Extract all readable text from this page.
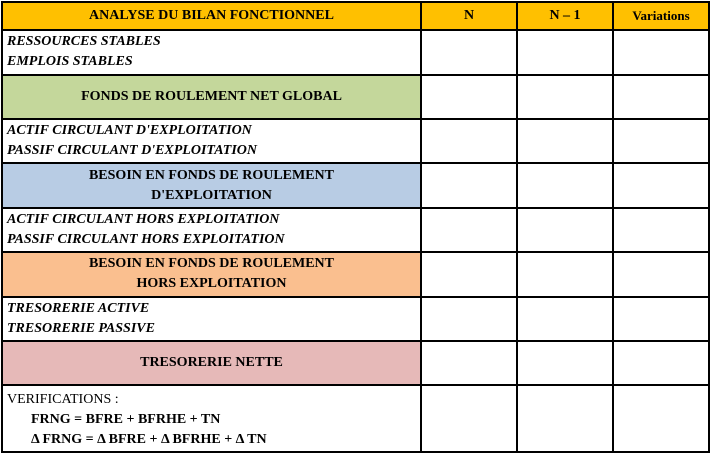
ANALYSE DU BILAN FONCTIONNEL	N	N – 1	Variations

RESSOURCES STABLES
EMPLOIS STABLES			

FONDS DE ROULEMENT NET GLOBAL			

ACTIF CIRCULANT D'EXPLOITATION
PASSIF CIRCULANT D'EXPLOITATION			

BESOIN EN FONDS DE ROULEMENT
D'EXPLOITATION			

ACTIF CIRCULANT HORS EXPLOITATION
PASSIF CIRCULANT HORS EXPLOITATION			

BESOIN EN FONDS DE ROULEMENT
HORS EXPLOITATION			

TRESORERIE ACTIVE
TRESORERIE PASSIVE			

TRESORERIE NETTE			

VERIFICATIONS :
FRNG = BFRE + BFRHE + TN
Δ FRNG = Δ BFRE + Δ BFRHE + Δ TN			
